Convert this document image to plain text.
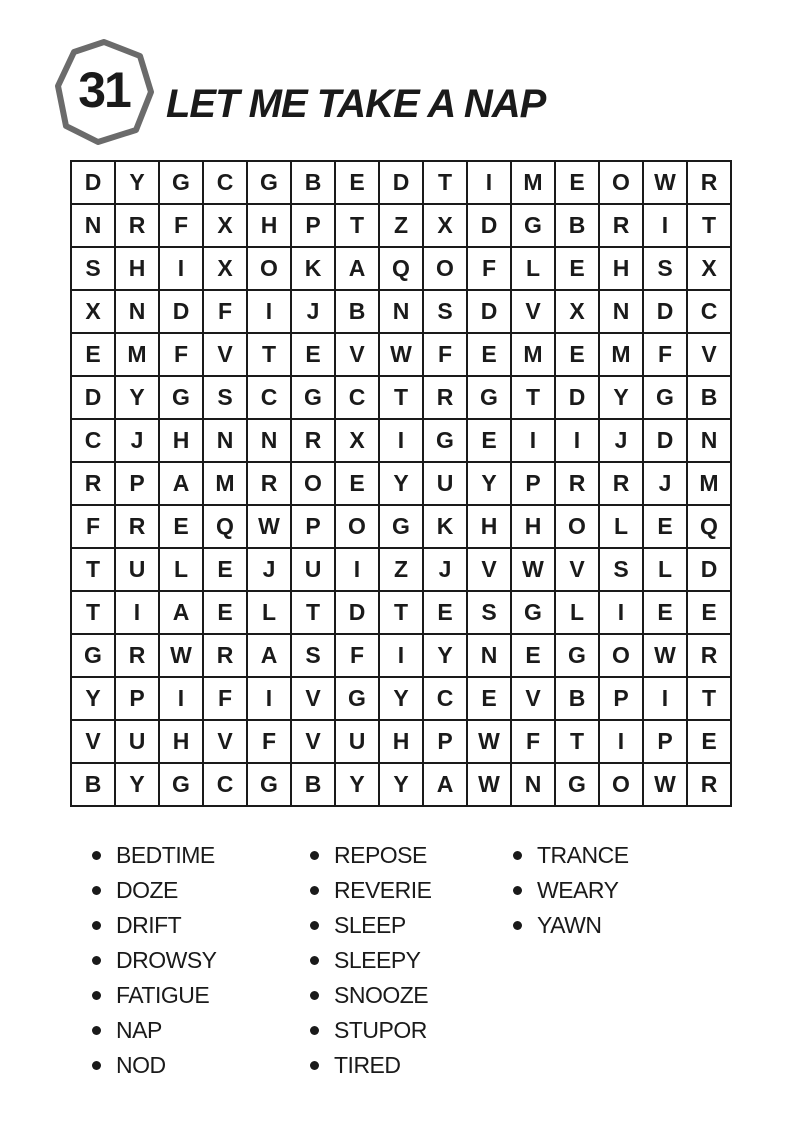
31 LET ME TAKE A NAP
D	Y	G	C	G	B	E	D	T	I	M	E	O	W	R
N	R	F	X	H	P	T	Z	X	D	G	B	R	I	T
S	H	I	X	O	K	A	Q	O	F	L	E	H	S	X
X	N	D	F	I	J	B	N	S	D	V	X	N	D	C
E	M	F	V	T	E	V	W	F	E	M	E	M	F	V
D	Y	G	S	C	G	C	T	R	G	T	D	Y	G	B
C	J	H	N	N	R	X	I	G	E	I	I	J	D	N
R	P	A	M	R	O	E	Y	U	Y	P	R	R	J	M
F	R	E	Q	W	P	O	G	K	H	H	O	L	E	Q
T	U	L	E	J	U	I	Z	J	V	W	V	S	L	D
T	I	A	E	L	T	D	T	E	S	G	L	I	E	E
G	R	W	R	A	S	F	I	Y	N	E	G	O	W	R
Y	P	I	F	I	V	G	Y	C	E	V	B	P	I	T
V	U	H	V	F	V	U	H	P	W	F	T	I	P	E
B	Y	G	C	G	B	Y	Y	A	W	N	G	O	W	R
BEDTIME
DOZE
DRIFT
DROWSY
FATIGUE
NAP
NOD
REPOSE
REVERIE
SLEEP
SLEEPY
SNOOZE
STUPOR
TIRED
TRANCE
WEARY
YAWN
